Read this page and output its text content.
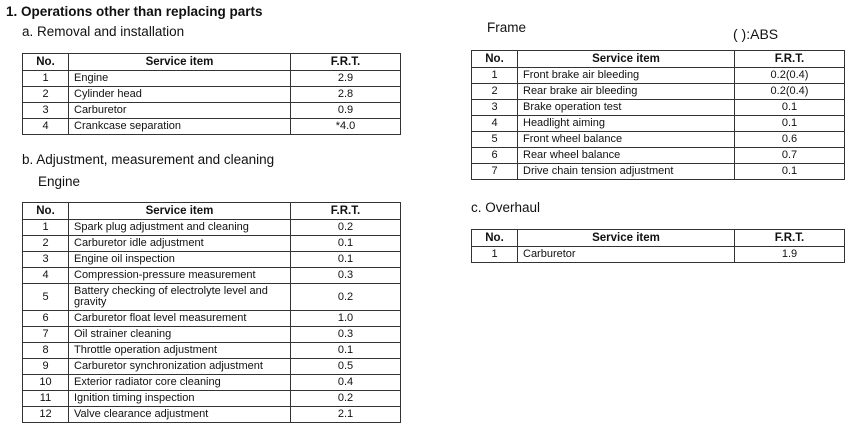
1. Operations other than replacing parts
a. Removal and installation
No.	Service item	F.R.T.
1	Engine	2.9
2	Cylinder head	2.8
3	Carburetor	0.9
4	Crankcase separation	*4.0
b. Adjustment, measurement and cleaning
Engine
No.	Service item	F.R.T.
1	Spark plug adjustment and cleaning	0.2
2	Carburetor idle adjustment	0.1
3	Engine oil inspection	0.1
4	Compression-pressure measurement	0.3
5	Battery checking of electrolyte level and gravity	0.2
6	Carburetor float level measurement	1.0
7	Oil strainer cleaning	0.3
8	Throttle operation adjustment	0.1
9	Carburetor synchronization adjustment	0.5
10	Exterior radiator core cleaning	0.4
11	Ignition timing inspection	0.2
12	Valve clearance adjustment	2.1
Frame	( ):ABS
No.	Service item	F.R.T.
1	Front brake air bleeding	0.2(0.4)
2	Rear brake air bleeding	0.2(0.4)
3	Brake operation test	0.1
4	Headlight aiming	0.1
5	Front wheel balance	0.6
6	Rear wheel balance	0.7
7	Drive chain tension adjustment	0.1
c. Overhaul
No.	Service item	F.R.T.
1	Carburetor	1.9
